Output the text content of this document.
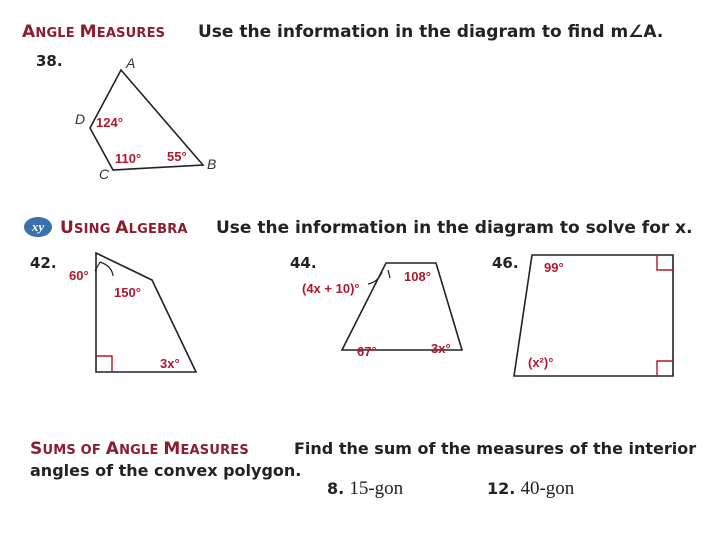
ANGLE MEASURES Use the information in the diagram to find m∠A.
38.	A
B
C
D 124°
110° 55°
xy USING ALGEBRA Use the information in the diagram to solve for x.
42.
60°
150°
3x°
44.
(4x + 10)°
108°
67°	3x°
46. 99°
(x²)°
SUMS OF ANGLE MEASURES	Find the sum of the measures of the interior
angles of the convex polygon.
8. 15-gon	12. 40-gon
